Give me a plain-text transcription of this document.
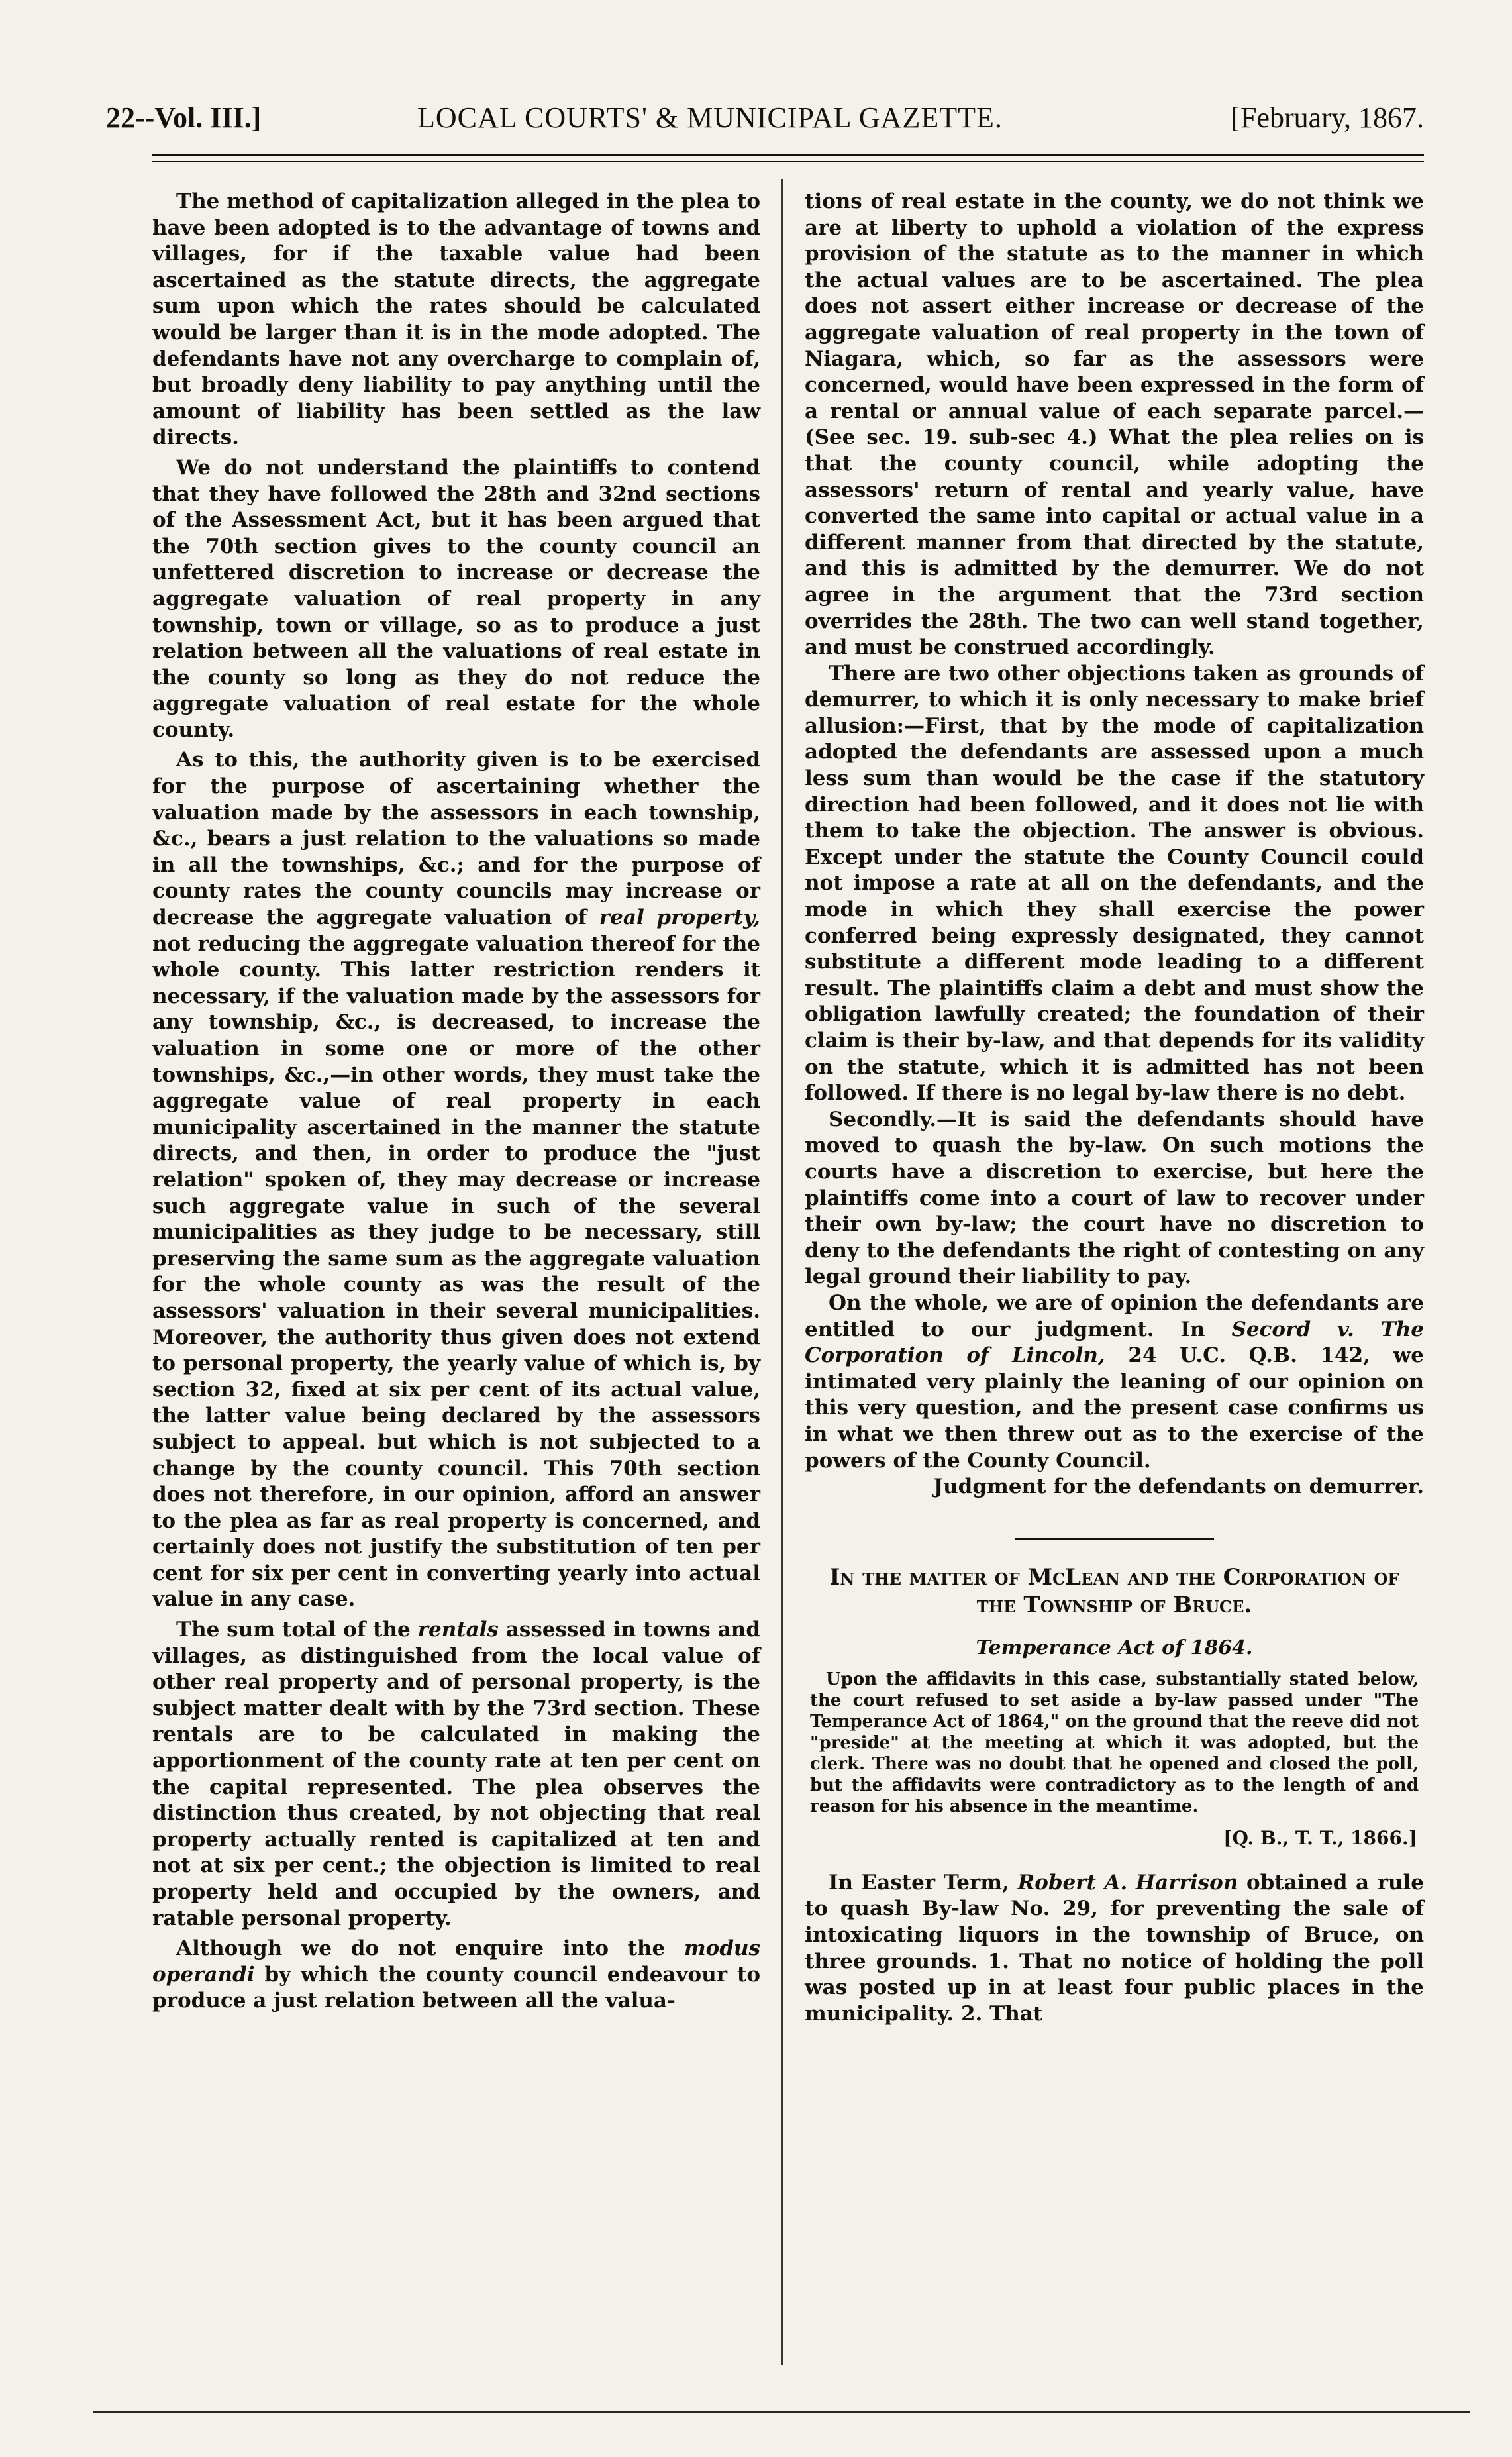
22--Vol. III.]	LOCAL COURTS' & MUNICIPAL GAZETTE.	[February, 1867.

The method of capitalization alleged in the plea to have been adopted is to the advantage of towns and villages, for if the taxable value had been ascertained as the statute directs, the aggregate sum upon which the rates should be calculated would be larger than it is in the mode adopted. The defendants have not any overcharge to complain of, but broadly deny liability to pay anything until the amount of liability has been settled as the law directs.

We do not understand the plaintiffs to contend that they have followed the 28th and 32nd sections of the Assessment Act, but it has been argued that the 70th section gives to the county council an unfettered discretion to increase or decrease the aggregate valuation of real property in any township, town or village, so as to produce a just relation between all the valuations of real estate in the county so long as they do not reduce the aggregate valuation of real estate for the whole county.

As to this, the authority given is to be exercised for the purpose of ascertaining whether the valuation made by the assessors in each township, &c., bears a just relation to the valuations so made in all the townships, &c.; and for the purpose of county rates the county councils may increase or decrease the aggregate valuation of real property, not reducing the aggregate valuation thereof for the whole county. This latter restriction renders it necessary, if the valuation made by the assessors for any township, &c., is decreased, to increase the valuation in some one or more of the other townships, &c.,—in other words, they must take the aggregate value of real property in each municipality ascertained in the manner the statute directs, and then, in order to produce the "just relation" spoken of, they may decrease or increase such aggregate value in such of the several municipalities as they judge to be necessary, still preserving the same sum as the aggregate valuation for the whole county as was the result of the assessors' valuation in their several municipalities. Moreover, the authority thus given does not extend to personal property, the yearly value of which is, by section 32, fixed at six per cent of its actual value, the latter value being declared by the assessors subject to appeal. but which is not subjected to a change by the county council. This 70th section does not therefore, in our opinion, afford an answer to the plea as far as real property is concerned, and certainly does not justify the substitution of ten per cent for six per cent in converting yearly into actual value in any case.

The sum total of the rentals assessed in towns and villages, as distinguished from the local value of other real property and of personal property, is the subject matter dealt with by the 73rd section. These rentals are to be calculated in making the apportionment of the county rate at ten per cent on the capital represented. The plea observes the distinction thus created, by not objecting that real property actually rented is capitalized at ten and not at six per cent.; the objection is limited to real property held and occupied by the owners, and ratable personal property.

Although we do not enquire into the modus operandi by which the county council endeavour to produce a just relation between all the valua-

tions of real estate in the county, we do not think we are at liberty to uphold a violation of the express provision of the statute as to the manner in which the actual values are to be ascertained. The plea does not assert either increase or decrease of the aggregate valuation of real property in the town of Niagara, which, so far as the assessors were concerned, would have been expressed in the form of a rental or annual value of each separate parcel.—(See sec. 19. sub-sec 4.) What the plea relies on is that the county council, while adopting the assessors' return of rental and yearly value, have converted the same into capital or actual value in a different manner from that directed by the statute, and this is admitted by the demurrer. We do not agree in the argument that the 73rd section overrides the 28th. The two can well stand together, and must be construed accordingly.

There are two other objections taken as grounds of demurrer, to which it is only necessary to make brief allusion:—First, that by the mode of capitalization adopted the defendants are assessed upon a much less sum than would be the case if the statutory direction had been followed, and it does not lie with them to take the objection. The answer is obvious. Except under the statute the County Council could not impose a rate at all on the defendants, and the mode in which they shall exercise the power conferred being expressly designated, they cannot substitute a different mode leading to a different result. The plaintiffs claim a debt and must show the obligation lawfully created; the foundation of their claim is their by-law, and that depends for its validity on the statute, which it is admitted has not been followed. If there is no legal by-law there is no debt.

Secondly.—It is said the defendants should have moved to quash the by-law. On such motions the courts have a discretion to exercise, but here the plaintiffs come into a court of law to recover under their own by-law; the court have no discretion to deny to the defendants the right of contesting on any legal ground their liability to pay.

On the whole, we are of opinion the defendants are entitled to our judgment. In Secord v. The Corporation of Lincoln, 24 U.C. Q.B. 142, we intimated very plainly the leaning of our opinion on this very question, and the present case confirms us in what we then threw out as to the exercise of the powers of the County Council.

Judgment for the defendants on demurrer.

In the matter of McLean and the Corporation of the Township of Bruce.

Temperance Act of 1864.

Upon the affidavits in this case, substantially stated below, the court refused to set aside a by-law passed under "The Temperance Act of 1864," on the ground that the reeve did not "preside" at the meeting at which it was adopted, but the clerk. There was no doubt that he opened and closed the poll, but the affidavits were contradictory as to the length of and reason for his absence in the meantime.

[Q. B., T. T., 1866.]

In Easter Term, Robert A. Harrison obtained a rule to quash By-law No. 29, for preventing the sale of intoxicating liquors in the township of Bruce, on three grounds. 1. That no notice of holding the poll was posted up in at least four public places in the municipality. 2. That
